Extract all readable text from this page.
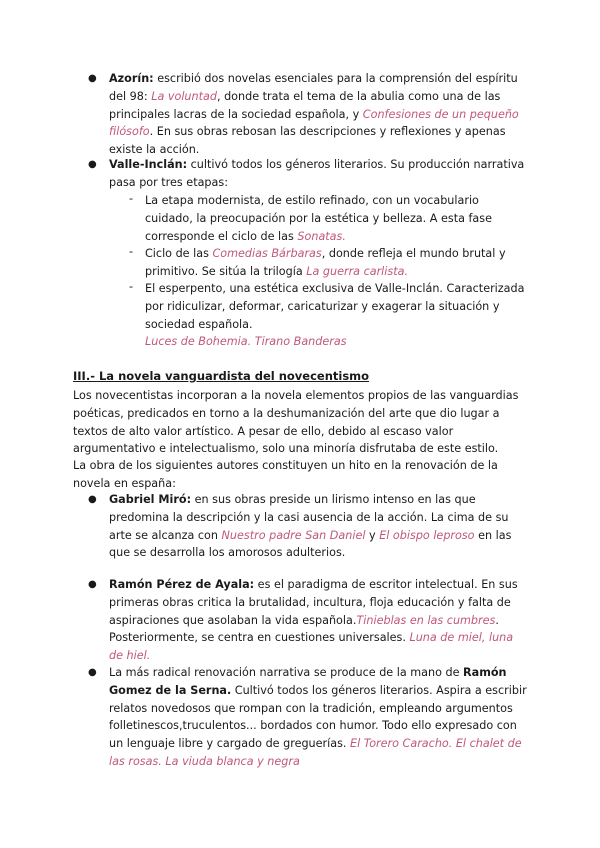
● Azorín: escribió dos novelas esenciales para la comprensión del espíritu del 98: La voluntad, donde trata el tema de la abulia como una de las principales lacras de la sociedad española, y Confesiones de un pequeño filósofo. En sus obras rebosan las descripciones y reflexiones y apenas existe la acción.
● Valle-Inclán: cultivó todos los géneros literarios. Su producción narrativa pasa por tres etapas:
- La etapa modernista, de estilo refinado, con un vocabulario cuidado, la preocupación por la estética y belleza. A esta fase corresponde el ciclo de las Sonatas.
- Ciclo de las Comedias Bárbaras, donde refleja el mundo brutal y primitivo. Se sitúa la trilogía La guerra carlista.
- El esperpento, una estética exclusiva de Valle-Inclán. Caracterizada por ridiculizar, deformar, caricaturizar y exagerar la situación y sociedad española.
Luces de Bohemia. Tirano Banderas
III.- La novela vanguardista del novecentismo
Los novecentistas incorporan a la novela elementos propios de las vanguardias poéticas, predicados en torno a la deshumanización del arte que dio lugar a textos de alto valor artístico. A pesar de ello, debido al escaso valor argumentativo e intelectualismo, solo una minoría disfrutaba de este estilo.
La obra de los siguientes autores constituyen un hito en la renovación de la novela en españa:
● Gabriel Miró: en sus obras preside un lirismo intenso en las que predomina la descripción y la casi ausencia de la acción. La cima de su arte se alcanza con Nuestro padre San Daniel y El obispo leproso en las que se desarrolla los amorosos adulterios.
● Ramón Pérez de Ayala: es el paradigma de escritor intelectual. En sus primeras obras critica la brutalidad, incultura, floja educación y falta de aspiraciones que asolaban la vida española.Tinieblas en las cumbres. Posteriormente, se centra en cuestiones universales. Luna de miel, luna de hiel.
● La más radical renovación narrativa se produce de la mano de Ramón Gomez de la Serna. Cultivó todos los géneros literarios. Aspira a escribir relatos novedosos que rompan con la tradición, empleando argumentos folletinescos,truculentos... bordados con humor. Todo ello expresado con un lenguaje libre y cargado de greguerías. El Torero Caracho. El chalet de las rosas. La viuda blanca y negra
